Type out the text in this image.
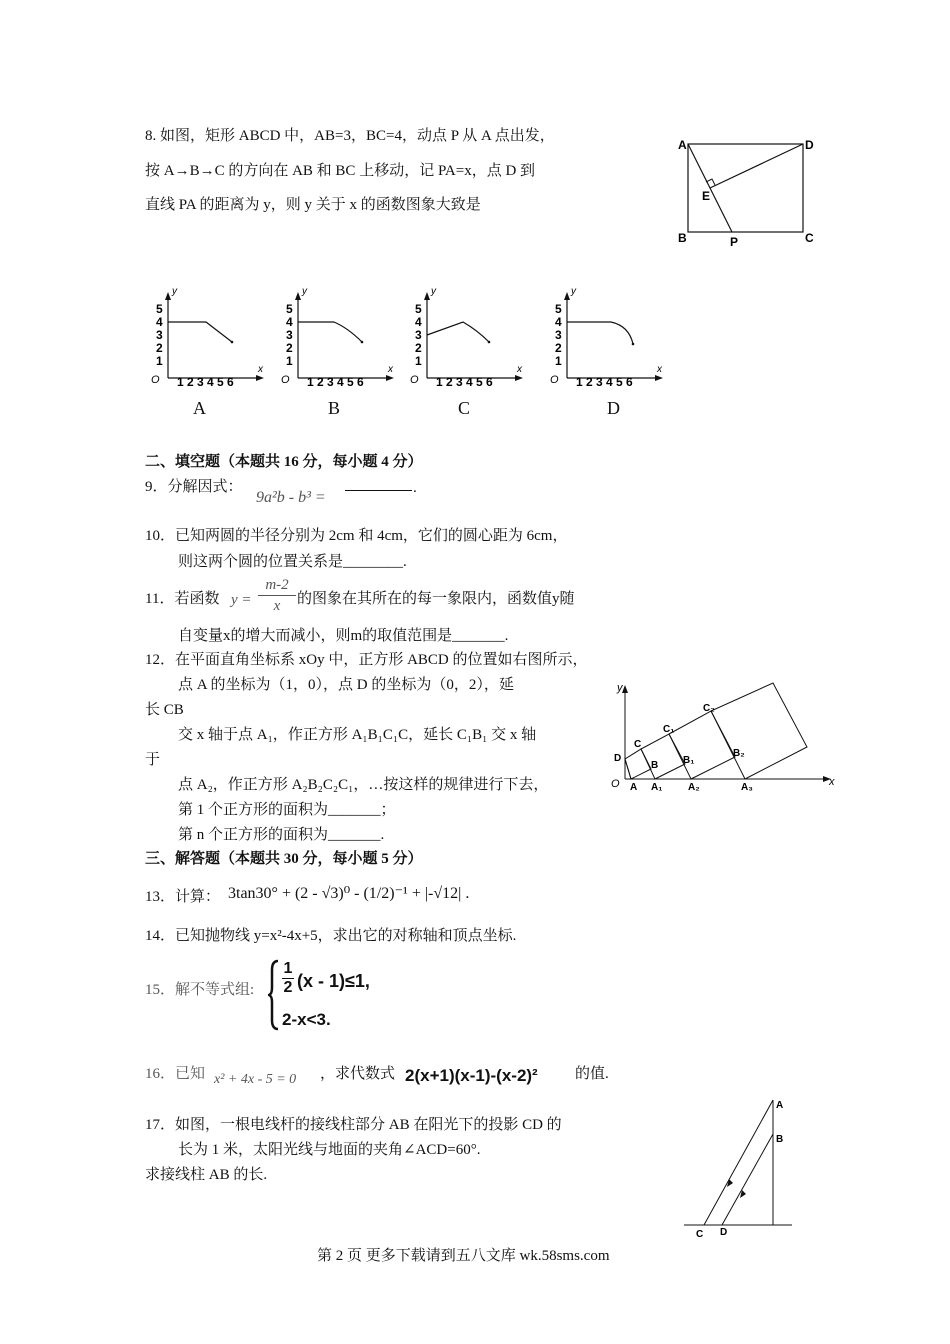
8. 如图，矩形 ABCD 中，AB=3，BC=4，动点 P 从 A 点出发，
按 A→B→C 的方向在 AB 和 BC 上移动，记 PA=x，点 D 到
直线 PA 的距离为 y，则 y 关于 x 的函数图象大致是
A	D
E
B	P	C
y
x
O
5
4
3
2
1
1 2 3 4 5 6
A
y
x
O
5
4
3
2
1
1 2 3 4 5 6
B
y
x
O
5
4
3
2
1
1 2 3 4 5 6
C
y
x
O
5
4
3
2
1
1 2 3 4 5 6
D
二、填空题（本题共 16 分，每小题 4 分）
9．分解因式：
9a²b - b³ =
.
10．已知两圆的半径分别为 2cm 和 4cm，它们的圆心距为 6cm，
则这两个圆的位置关系是________.
11．若函数 $y = \frac{m-2}{x}$ 的图象在其所在的每一象限内，函数值y随
自变量x的增大而减小，则m的取值范围是_______.
12．在平面直角坐标系 xOy 中，正方形 ABCD 的位置如右图所示，
点 A 的坐标为（1，0），点 D 的坐标为（0，2），延
长 CB
交 x 轴于点 A₁，作正方形 A₁B₁C₁C，延长 C₁B₁ 交 x 轴
于
点 A₂，作正方形 A₂B₂C₂C₁，…按这样的规律进行下去，
第 1 个正方形的面积为_______；
第 n 个正方形的面积为_______.
y
x
O A A₁	A₂	A₃
B B₁
B₂
C
C₁
C₂
D
三、解答题（本题共 30 分，每小题 5 分）
13．计算： 3tan30° + (2 - √3)⁰ - (1/2)⁻¹ + |-√12| .
14．已知抛物线 y=x²-4x+5，求出它的对称轴和顶点坐标.
15．解不等式组: $\frac{1}{2} (x - 1)\le 1$,
2-x<3.
16．已知 x² + 4x - 5 = 0 ，求代数式 2(x+1)(x-1)-(x-2)² 的值.
17．如图，一根电线杆的接线柱部分 AB 在阳光下的投影 CD 的
长为 1 米，太阳光线与地面的夹角∠ACD=60°.
求接线柱 AB 的长.
A
B
C D
第 2 页 更多下载请到五八文库 wk.58sms.com
